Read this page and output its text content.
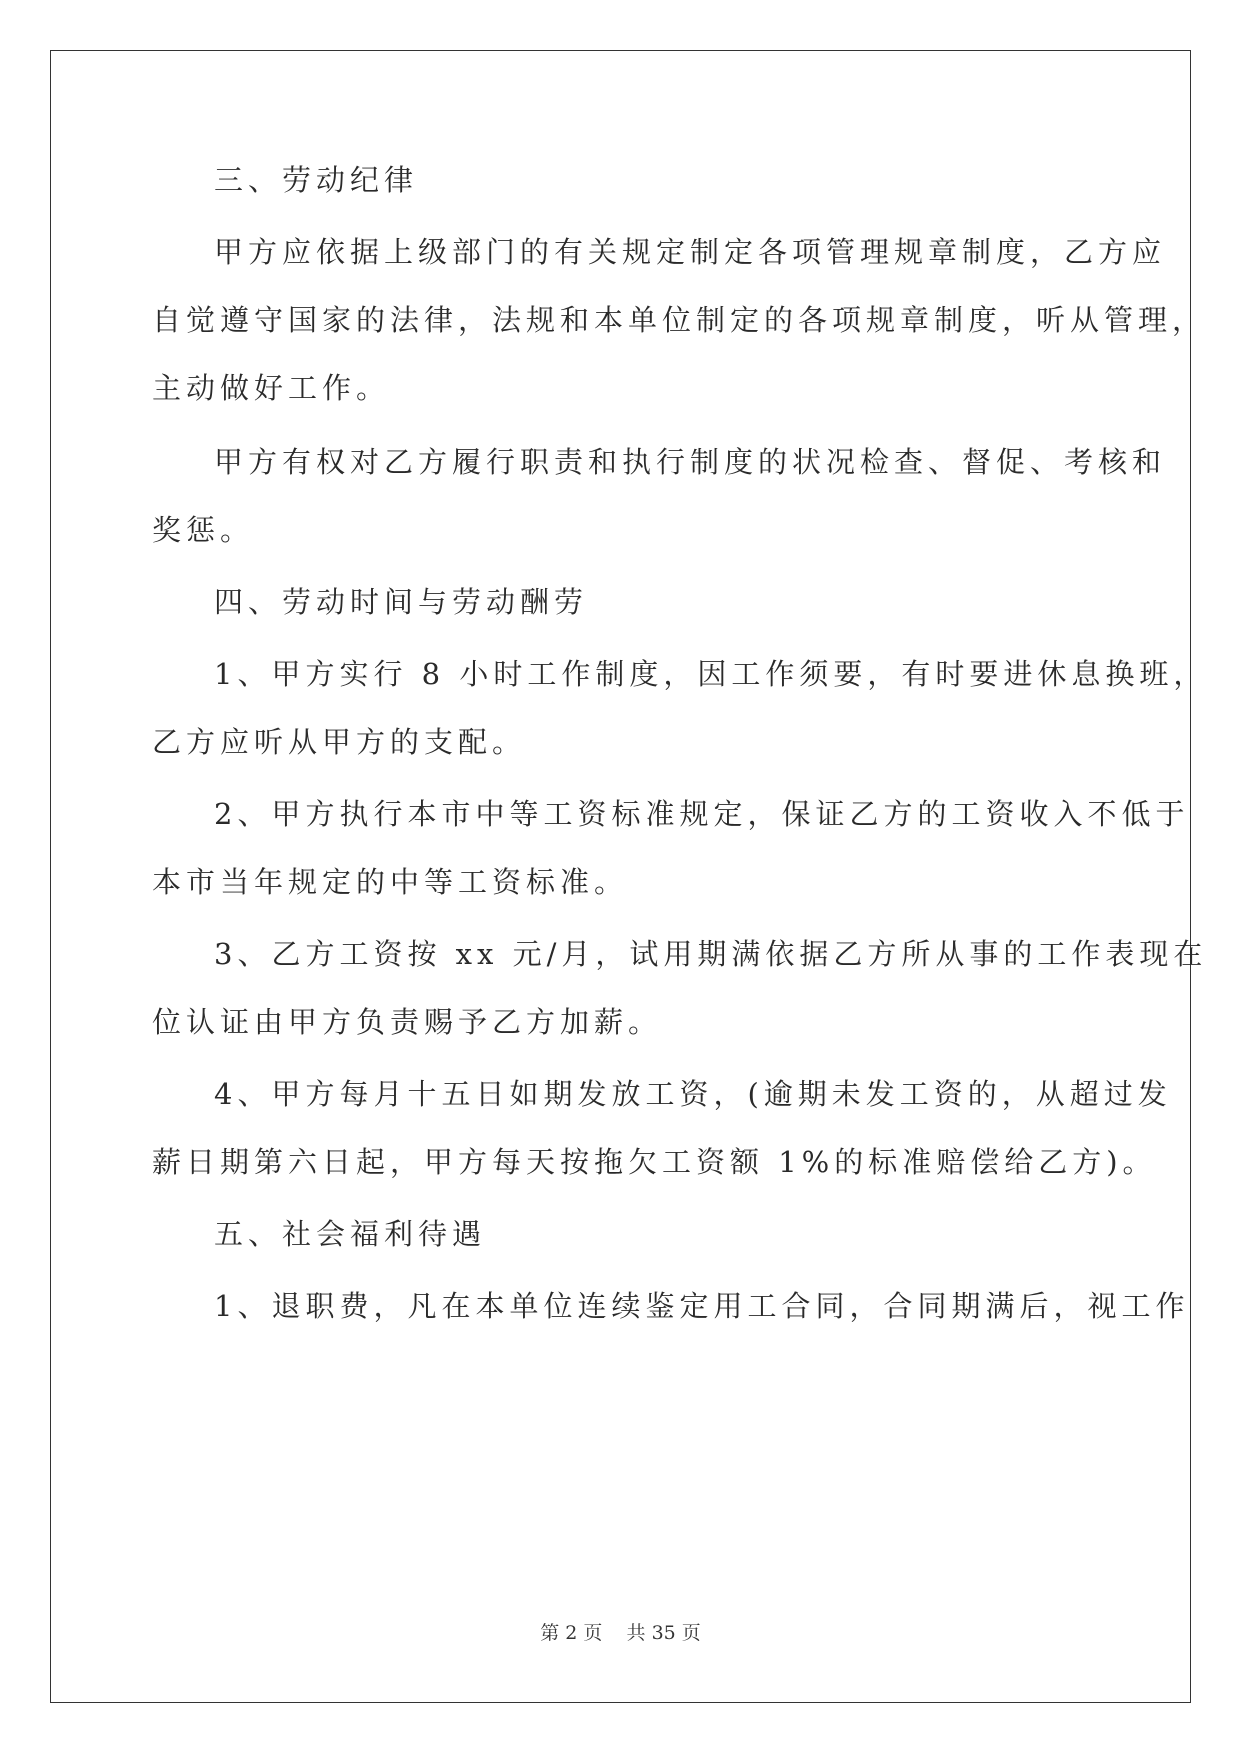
三、劳动纪律
甲方应依据上级部门的有关规定制定各项管理规章制度，乙方应
自觉遵守国家的法律，法规和本单位制定的各项规章制度，听从管理，
主动做好工作。
甲方有权对乙方履行职责和执行制度的状况检查、督促、考核和
奖惩。
四、劳动时间与劳动酬劳
1、甲方实行 8 小时工作制度，因工作须要，有时要进休息换班，
乙方应听从甲方的支配。
2、甲方执行本市中等工资标准规定，保证乙方的工资收入不低于
本市当年规定的中等工资标准。
3、乙方工资按 xx 元/月，试用期满依据乙方所从事的工作表现在
位认证由甲方负责赐予乙方加薪。
4、甲方每月十五日如期发放工资，(逾期未发工资的，从超过发
薪日期第六日起，甲方每天按拖欠工资额 1%的标准赔偿给乙方)。
五、社会福利待遇
1、退职费，凡在本单位连续鉴定用工合同，合同期满后，视工作
第 2 页 共 35 页
